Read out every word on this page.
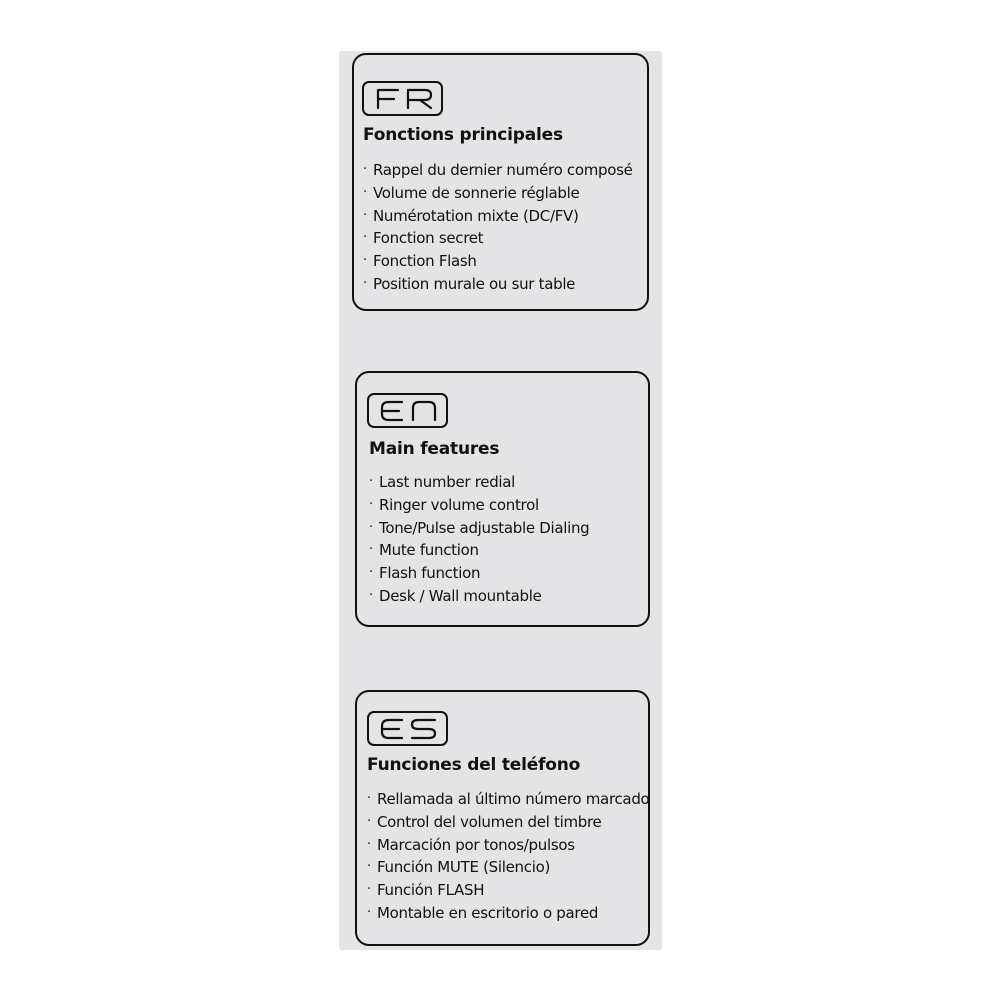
Fonctions principales
· Rappel du dernier numéro composé
· Volume de sonnerie réglable
· Numérotation mixte (DC/FV)
· Fonction secret
· Fonction Flash
· Position murale ou sur table
Main features
· Last number redial
· Ringer volume control
· Tone/Pulse adjustable Dialing
· Mute function
· Flash function
· Desk / Wall mountable
Funciones del teléfono
· Rellamada al último número marcado
· Control del volumen del timbre
· Marcación por tonos/pulsos
· Función MUTE (Silencio)
· Función FLASH
· Montable en escritorio o pared
